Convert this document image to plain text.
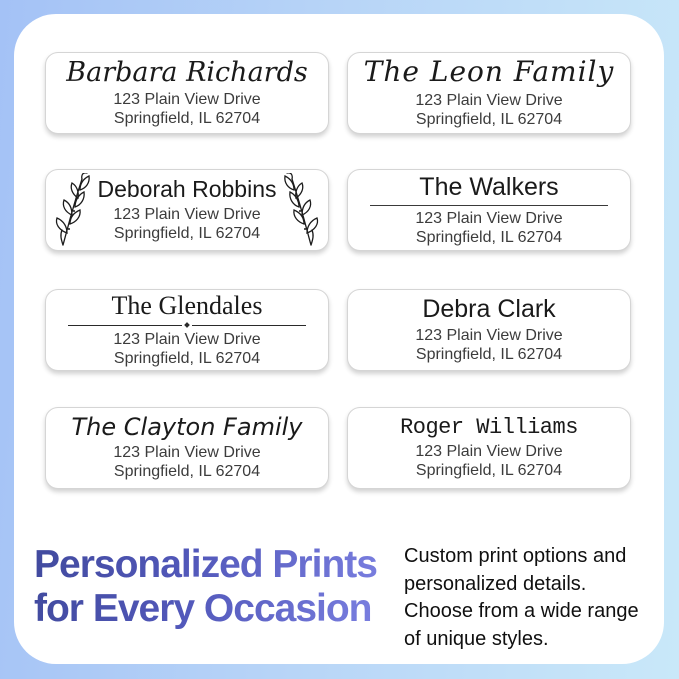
Barbara Richards
123 Plain View Drive
Springfield, IL 62704
The Leon Family
123 Plain View Drive
Springfield, IL 62704
Deborah Robbins
123 Plain View Drive
Springfield, IL 62704
The Walkers
123 Plain View Drive
Springfield, IL 62704
The Glendales
123 Plain View Drive
Springfield, IL 62704
Debra Clark
123 Plain View Drive
Springfield, IL 62704
The Clayton Family
123 Plain View Drive
Springfield, IL 62704
Roger Williams
123 Plain View Drive
Springfield, IL 62704
Personalized Prints
for Every Occasion
Custom print options and
personalized details.
Choose from a wide range
of unique styles.
